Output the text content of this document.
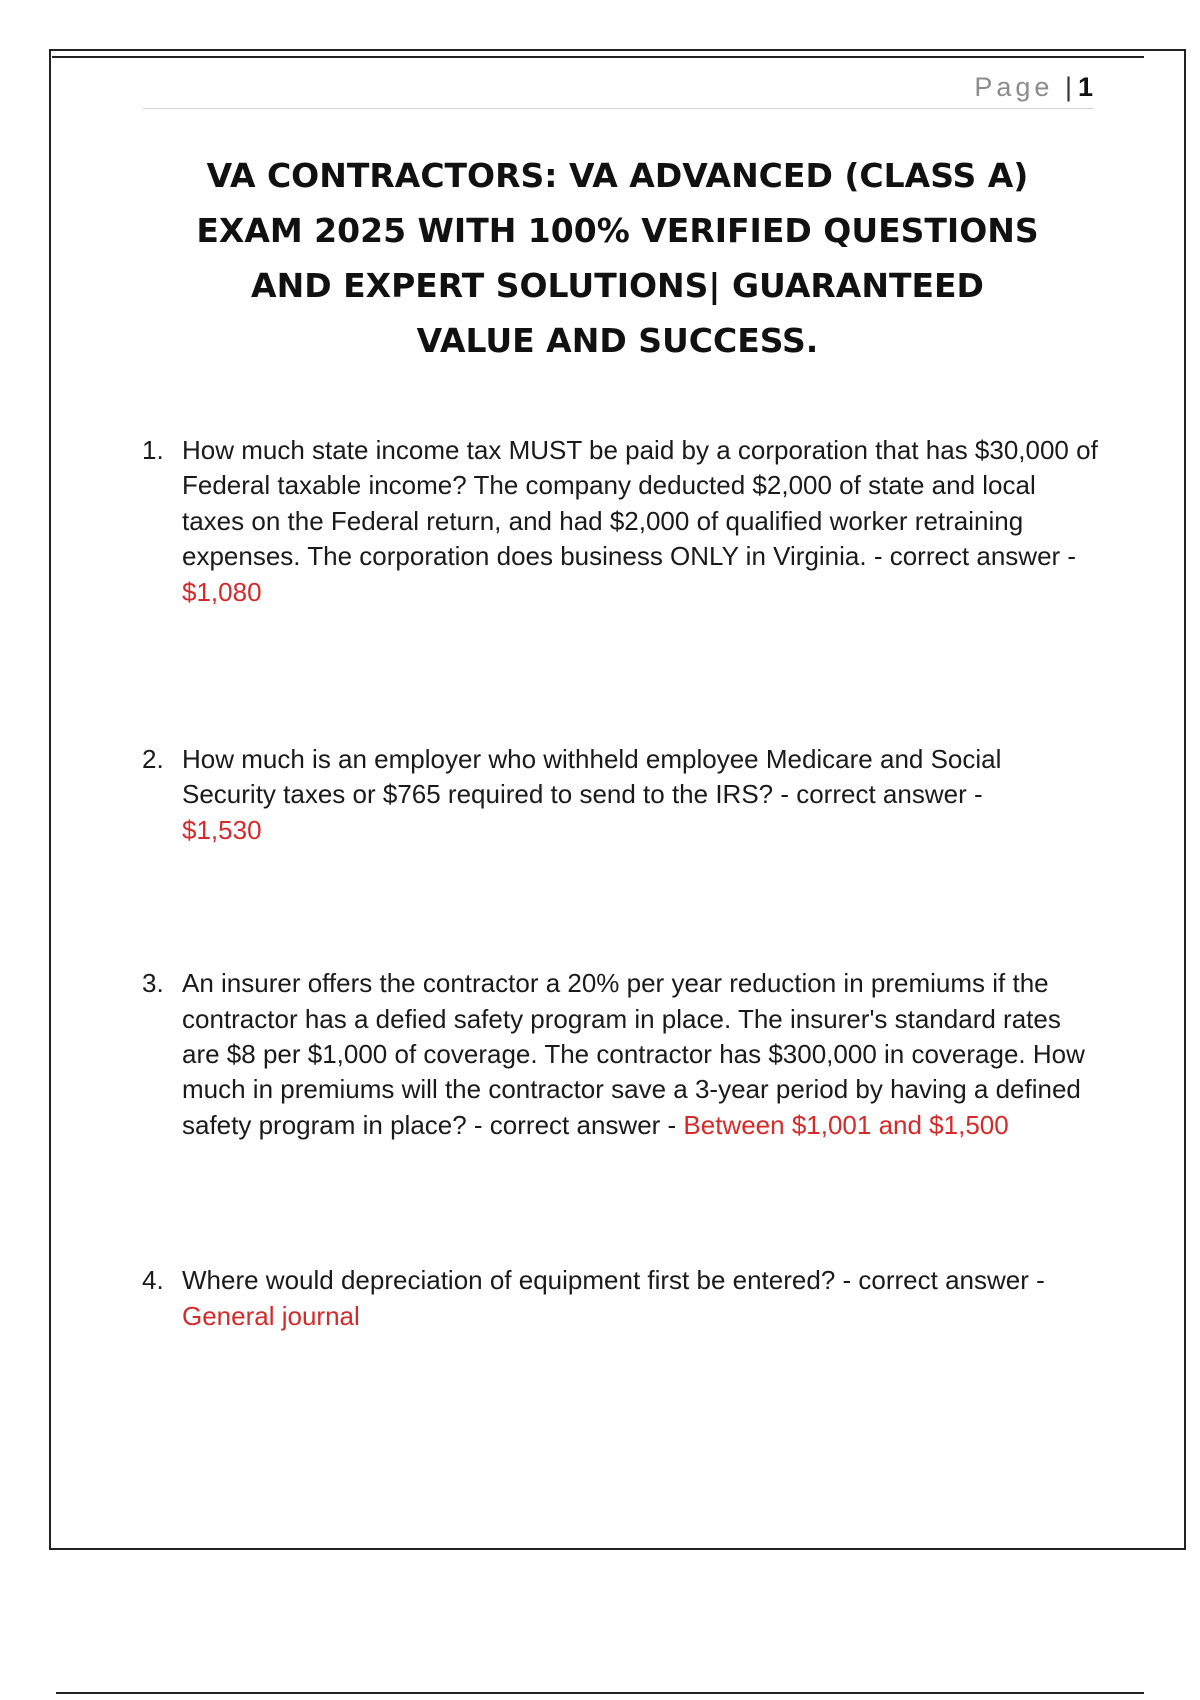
Page | 1
VA CONTRACTORS: VA ADVANCED (CLASS A)
EXAM 2025 WITH 100% VERIFIED QUESTIONS
AND EXPERT SOLUTIONS| GUARANTEED
VALUE AND SUCCESS.
1. How much state income tax MUST be paid by a corporation that has $30,000 of Federal taxable income? The company deducted $2,000 of state and local taxes on the Federal return, and had $2,000 of qualified worker retraining expenses. The corporation does business ONLY in Virginia. - correct answer - $1,080
2. How much is an employer who withheld employee Medicare and Social Security taxes or $765 required to send to the IRS? - correct answer -
$1,530
3. An insurer offers the contractor a 20% per year reduction in premiums if the contractor has a defied safety program in place. The insurer's standard rates are $8 per $1,000 of coverage. The contractor has $300,000 in coverage. How much in premiums will the contractor save a 3-year period by having a defined safety program in place? - correct answer - Between $1,001 and $1,500
4. Where would depreciation of equipment first be entered? - correct answer - General journal
